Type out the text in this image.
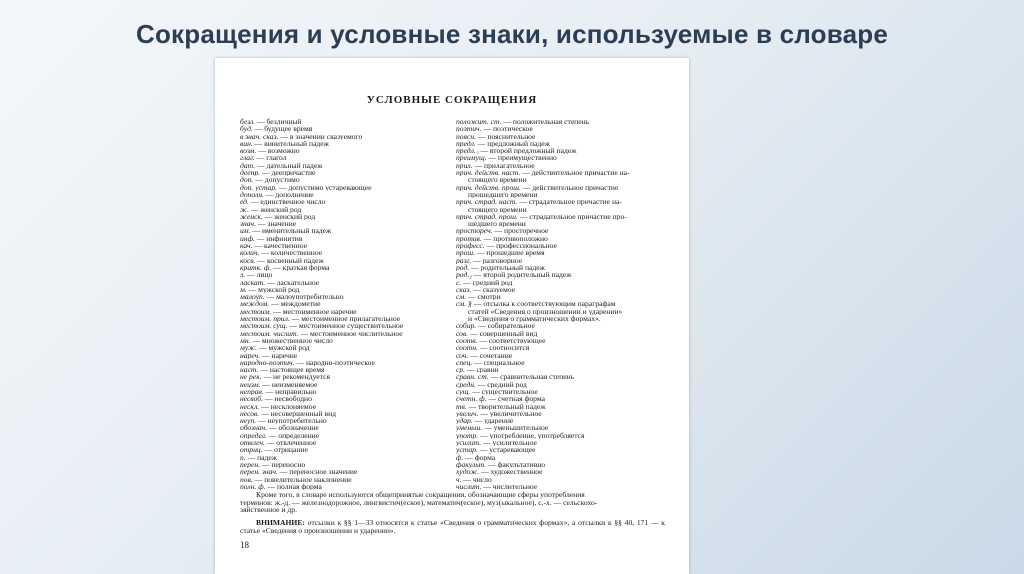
Сокращения и условные знаки, используемые в словаре
УСЛОВНЫЕ СОКРАЩЕНИЯ
безл. — безличный
буд. — будущее время
в знач. сказ. — в значении сказуемого
вин. — винительный падеж
возм. — возможно
глаг. — глагол
дат. — дательный падеж
деепр. — деепричастие
доп. — допустимо
доп. устар. — допустимо устаревающее
дополн. — дополнение
ед. — единственное число
ж. — женский род
женск. — женский род
знач. — значение
им. — именительный падеж
инф. — инфинитив
кач. — качественное
колич. — количественное
косв. — косвенный падеж
кратк. ф. — краткая форма
л. — лицо
ласкат. — ласкательное
м. — мужской род
малоуп. — малоупотребительно
междом. — междометие
местоим. — местоименное наречие
местоим. прил. — местоименное прилагательное
местоим. сущ. — местоименное существительное
местоим. числит. — местоименное числительное
мн. — множественное число
муж. — мужской род
нареч. — наречие
народно-поэтич. — народно-поэтическое
наст. — настоящее время
не рек. — не рекомендуется
неизм. — неизменяемое
неправ. — неправильно
несвоб. — несвободно
нескл. — несклоняемое
несов. — несовершенный вид
неуп. — неупотребительно
обознач. — обозначение
определ. — определение
отвлеч. — отвлеченное
отриц. — отрицание
п. — падеж
перен. — переносно
перен. знач. — переносное значение
пов. — повелительное наклонение
полн. ф. — полная форма
положит. ст. — положительная степень
поэтич. — поэтическое
поясн. — пояснительное
предл. — предложный падеж
предл.₂ — второй предложный падеж
преимущ. — преимущественно
прил. — прилагательное
прич. действ. наст. — действительное причастие на-
стоящего времени
прич. действ. прош. — действительное причастие
прошедшего времени
прич. страд. наст. — страдательное причастие на-
стоящего времени
прич. страд. прош. — страдательное причастие про-
шедшего времени
простореч. — просторечное
против. — противоположно
професс. — профессиональное
прош. — прошедшее время
разг. — разговорное
род. — родительный падеж
род.₂ — второй родительный падеж
с. — средний род
сказ. — сказуемое
см. — смотри
см. § — отсылка к соответствующим параграфам
статей «Сведения о произношении и ударении»
и «Сведения о грамматических формах».
собир. — собирательное
сов. — совершенный вид
соотв. — соответствующее
соотн. — соотносится
соч. — сочетание
спец. — специальное
ср. — сравни
сравн. ст. — сравнительная степень
средн. — средний род
сущ. — существительное
счетн. ф. — счетная форма
тв. — творительный падеж
увелич. — увеличительное
удар. — ударение
уменьш. — уменьшительное
употр. — употребление, употребляется
усилит. — усилительное
устар. — устаревающее
ф. — форма
факульт. — факультативно
худож. — художественное
ч. — число
числит. — числительное
Кроме того, в словаре используются общепринятые сокращения, обозначающие сферы употребления
терминов: ж.-д. — железнодорожное, лингвистич(еское), математич(еское), муз(ыкальное), с.-х. — сельскохо-
зяйственное и др.
ВНИМАНИЕ: отсылки к §§ 1—33 относятся к статье «Сведения о грамматических формах», а отсылки к §§ 40, 171 — к статье «Сведения о произношении и ударении».
18
